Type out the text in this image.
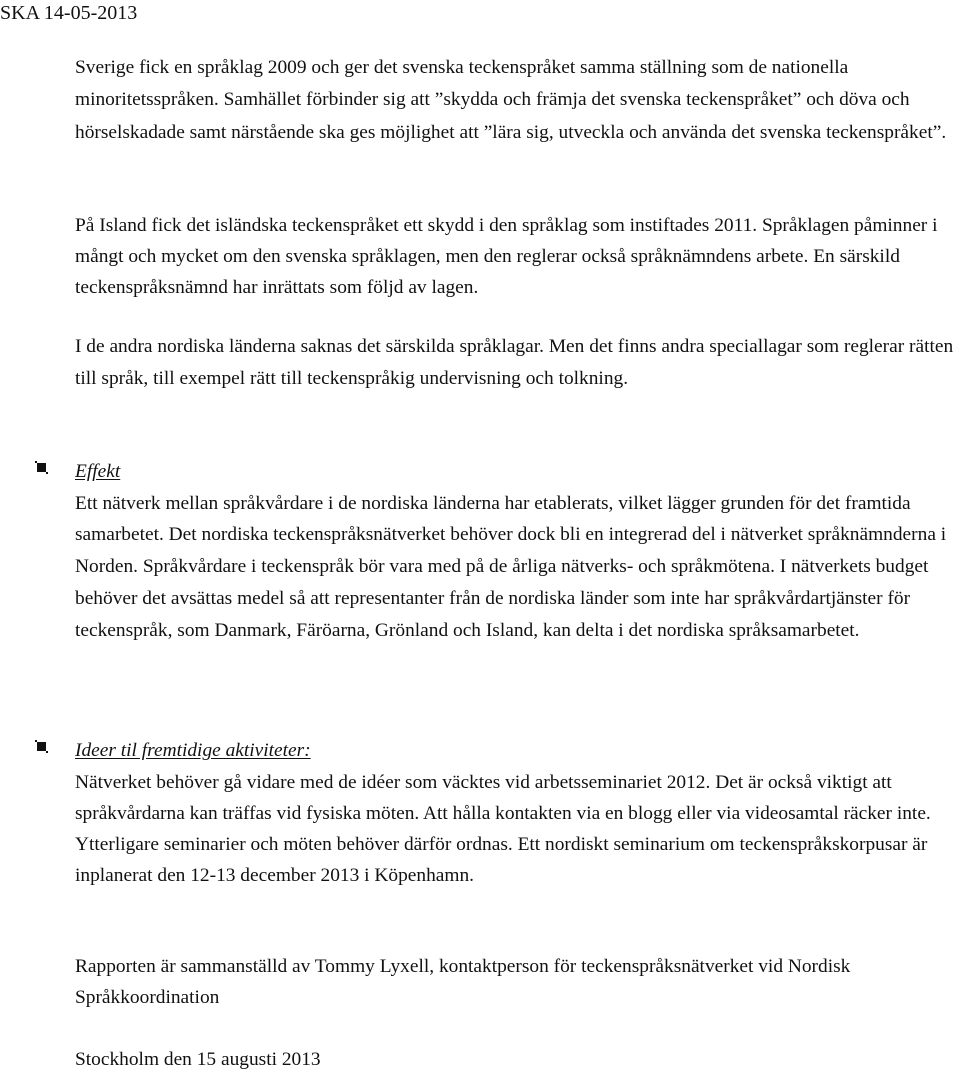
SKA 14-05-2013

Sverige fick en språklag 2009 och ger det svenska teckenspråket samma ställning som de nationella minoritetsspråken. Samhället förbinder sig att ”skydda och främja det svenska teckenspråket” och döva och hörselskadade samt närstående ska ges möjlighet att ”lära sig, utveckla och använda det svenska teckenspråket”.

På Island fick det isländska teckenspråket ett skydd i den språklag som instiftades 2011. Språklagen påminner i mångt och mycket om den svenska språklagen, men den reglerar också språknämndens arbete. En särskild teckenspråksnämnd har inrättats som följd av lagen.

I de andra nordiska länderna saknas det särskilda språklagar. Men det finns andra speciallagar som reglerar rätten till språk, till exempel rätt till teckenspråkig undervisning och tolkning.

Effekt

Ett nätverk mellan språkvårdare i de nordiska länderna har etablerats, vilket lägger grunden för det framtida samarbetet. Det nordiska teckenspråksnätverket behöver dock bli en integrerad del i nätverket språknämnderna i Norden. Språkvårdare i teckenspråk bör vara med på de årliga nätverks- och språkmötena. I nätverkets budget behöver det avsättas medel så att representanter från de nordiska länder som inte har språkvårdartjänster för teckenspråk, som Danmark, Färöarna, Grönland och Island, kan delta i det nordiska språksamarbetet.

Ideer til fremtidige aktiviteter:

Nätverket behöver gå vidare med de idéer som väcktes vid arbetsseminariet 2012. Det är också viktigt att språkvårdarna kan träffas vid fysiska möten. Att hålla kontakten via en blogg eller via videosamtal räcker inte. Ytterligare seminarier och möten behöver därför ordnas. Ett nordiskt seminarium om teckenspråkskorpusar är inplanerat den 12-13 december 2013 i Köpenhamn.

Rapporten är sammanställd av Tommy Lyxell, kontaktperson för teckenspråksnätverket vid Nordisk Språkkoordination

Stockholm den 15 augusti 2013
